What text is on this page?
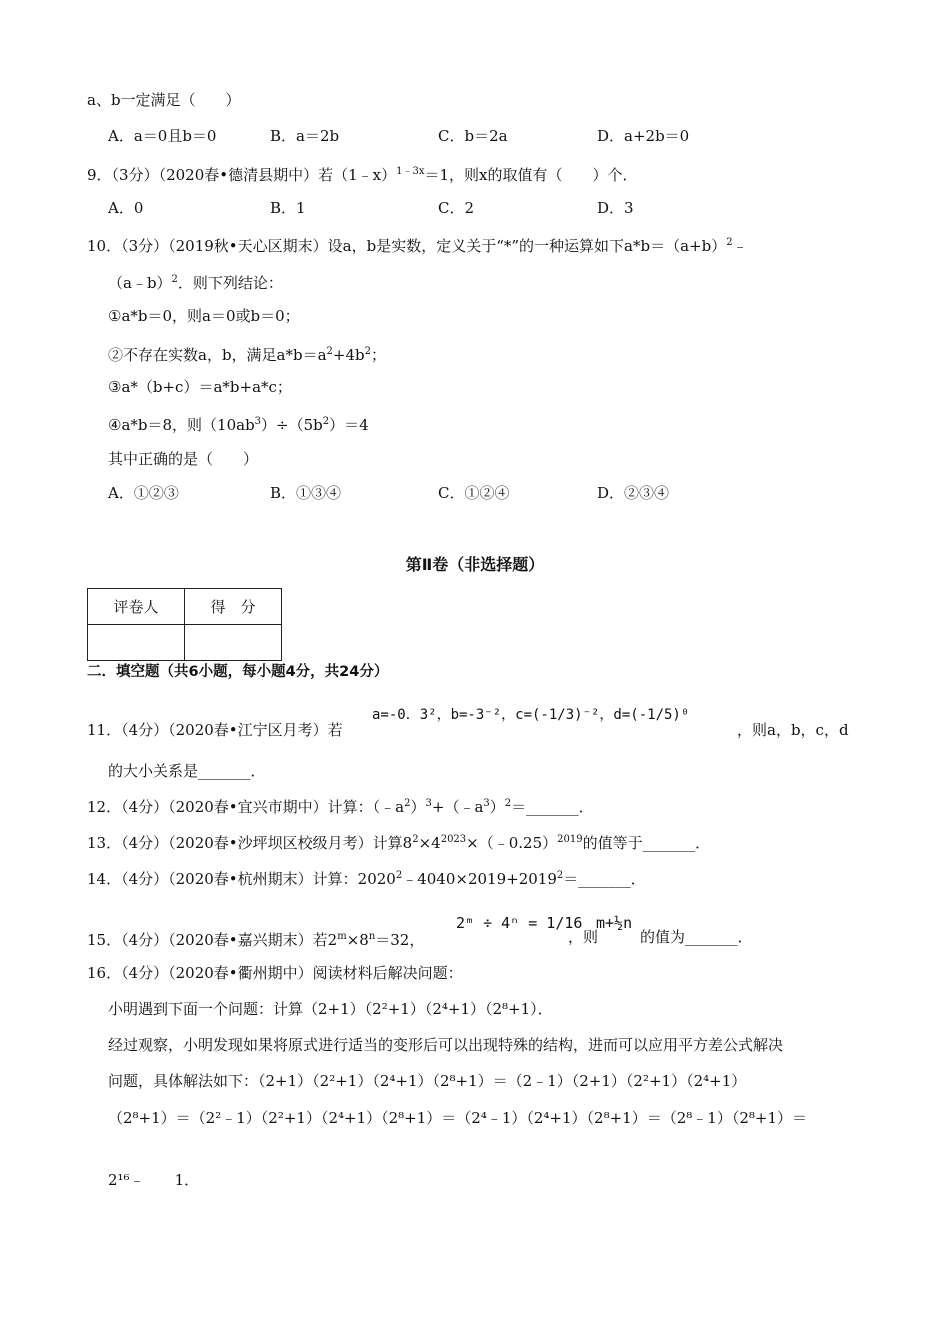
a、b一定满足（　　）
A．a＝0且b＝0	B．a＝2b	C．b＝2a	D．a+2b＝0
9．（3分）（2020春•德清县期中）若（1﹣x）$^{1﹣3x}$＝1，则x的取值有（　　）个．
A．0	B．1	C．2	D．3
10．（3分）（2019秋•天心区期末）设a，b是实数，定义关于“*”的一种运算如下$a*b=(a+b)^2﹣$
（a﹣b）$^2$．则下列结论：
①a*b＝0，则a＝0或b＝0；
②不存在实数a，b，满足$a*b=a^2+4b^2$；
③a*（b+c）＝a*b+a*c；
④a*b＝8，则$(10ab^3)\div(5b^2)=4$
其中正确的是（　　）
A．①②③	B．①③④	C．①②④	D．②③④
第Ⅱ卷（非选择题）
评卷人	得　分

二．填空题（共6小题，每小题4分，共24分）
11．（4分）（2020春•江宁区月考）若
a=-0．3²，b=-3⁻²，c=(-1/3)⁻²，d=(-1/5)⁰
，则a，b，c，d
的大小关系是_______．
12．（4分）（2020春•宜兴市期中）计算：$(﹣a^2)^3+(﹣a^3)^2=\_\_\_\_\_\_\_$．
13．（4分）（2020春•沙坪坝区校级月考）计算$8^2\times 4^{2023}\times(﹣0.25)^{2019}$的值等于_______．
14．（4分）（2020春•杭州期末）计算：$2020^2﹣4040\times 2019+2019^2=\_\_\_\_\_\_\_$．
15．（4分）（2020春•嘉兴期末）若$2^m\times 8^n=32$，
2ᵐ ÷ 4ⁿ = 1/16
，则
m+½n
的值为_______．
16．（4分）（2020春•衢州期中）阅读材料后解决问题：
小明遇到下面一个问题：计算（2+1）（2²+1）（2⁴+1）（2⁸+1）．
经过观察，小明发现如果将原式进行适当的变形后可以出现特殊的结构，进而可以应用平方差公式解决
问题，具体解法如下：（2+1）（2²+1）（2⁴+1）（2⁸+1）＝（2﹣1）（2+1）（2²+1）（2⁴+1）
（2⁸+1）＝（2²﹣1）（2²+1）（2⁴+1）（2⁸+1）＝（2⁴﹣1）（2⁴+1）（2⁸+1）＝（2⁸﹣1）（2⁸+1）＝
2¹⁶﹣　　1．
